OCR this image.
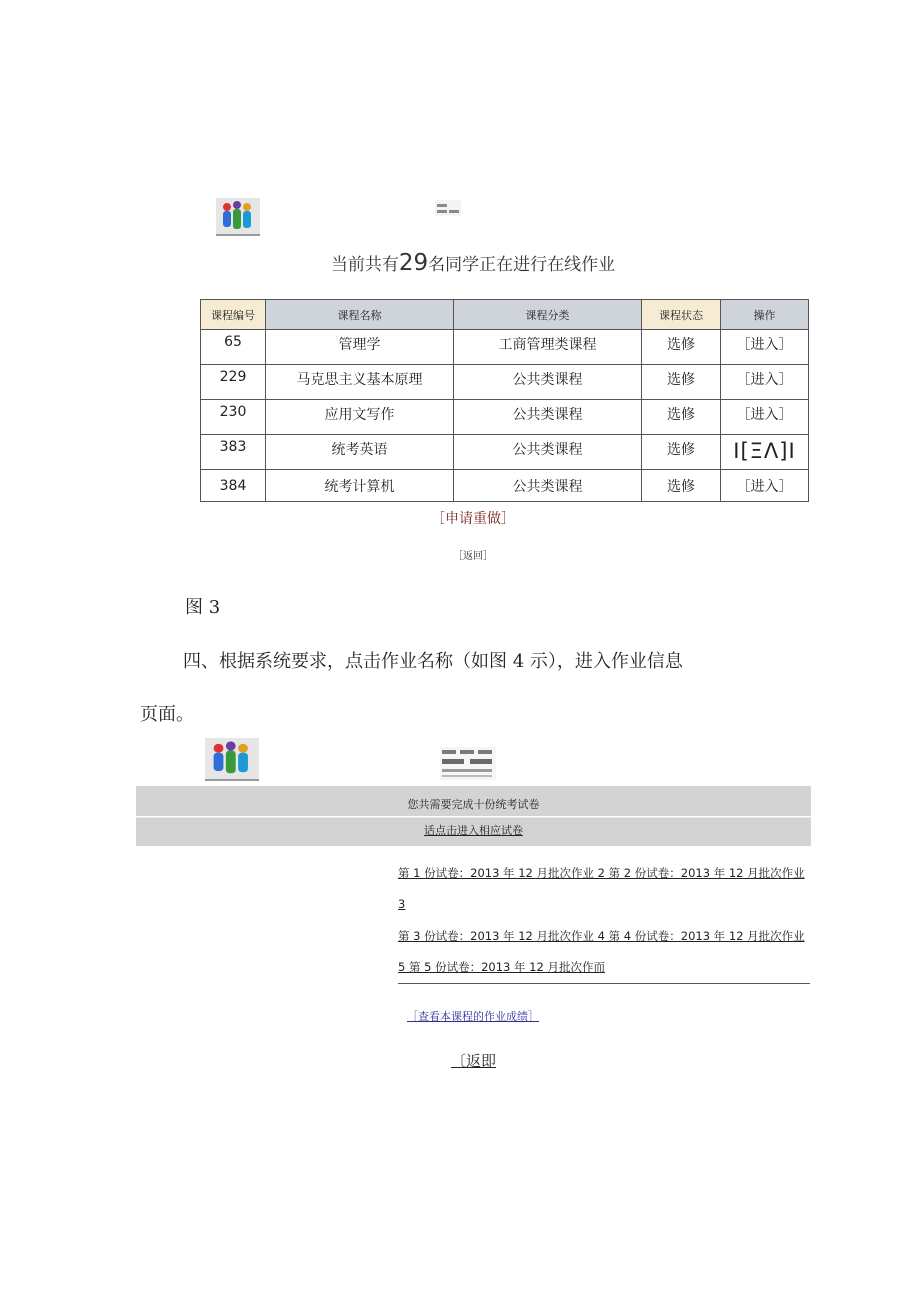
当前共有29名同学正在进行在线作业
课程编号	课程名称	课程分类	课程状态	操作
65	管理学	工商管理类课程	选修	［进入］
229	马克思主义基本原理	公共类课程	选修	［进入］
230	应用文写作	公共类课程	选修	［进入］
383	统考英语	公共类课程	选修	I[ΞΛ]I
384	统考计算机	公共类课程	选修	［进入］
［申请重做］
［返回］
图 3
四、根据系统要求，点击作业名称（如图 4 示），进入作业信息
页面。
您共需要完成十份统考试卷
话点击进入相应试卷
第 1 份试卷：2013 年 12 月批次作业 2 第 2 份试卷：2013 年 12 月批次作业
3
第 3 份试卷：2013 年 12 月批次作业 4 第 4 份试卷：2013 年 12 月批次作业
5 第 5 份试卷：2013 年 12 月批次作而
［查看本课程的作业成绩］
〔返即
